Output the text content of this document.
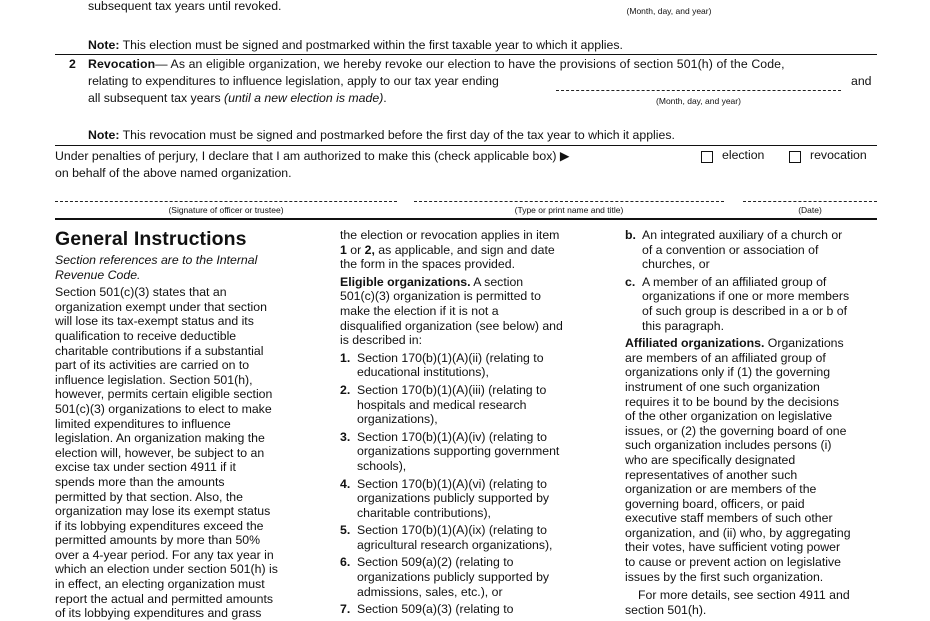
subsequent tax years until revoked.	(Month, day, and year)
Note: This election must be signed and postmarked within the first taxable year to which it applies.
2 Revocation— As an eligible organization, we hereby revoke our election to have the provisions of section 501(h) of the Code,
relating to expenditures to influence legislation, apply to our tax year ending	and
all subsequent tax years (until a new election is made).	(Month, day, and year)
Note: This revocation must be signed and postmarked before the first day of the tax year to which it applies.
Under penalties of perjury, I declare that I am authorized to make this (check applicable box) ▶
on behalf of the above named organization.
election	revocation
(Signature of officer or trustee)	(Type or print name and title)	(Date)
General Instructions

Section references are to the Internal Revenue Code.

Section 501(c)(3) states that an

organization exempt under that section

will lose its tax-exempt status and its

qualification to receive deductible

charitable contributions if a substantial

part of its activities are carried on to

influence legislation. Section 501(h),

however, permits certain eligible section

501(c)(3) organizations to elect to make

limited expenditures to influence

legislation. An organization making the

election will, however, be subject to an

excise tax under section 4911 if it

spends more than the amounts

permitted by that section. Also, the

organization may lose its exempt status

if its lobbying expenditures exceed the

permitted amounts by more than 50%

over a 4-year period. For any tax year in

which an election under section 501(h) is

in effect, an electing organization must

report the actual and permitted amounts

of its lobbying expenditures and grass

the election or revocation applies in item

1 or 2, as applicable, and sign and date

the form in the spaces provided.

Eligible organizations. A section

501(c)(3) organization is permitted to

make the election if it is not a

disqualified organization (see below) and

is described in:

1. Section 170(b)(1)(A)(ii) (relating to

educational institutions),

2. Section 170(b)(1)(A)(iii) (relating to

hospitals and medical research

organizations),

3. Section 170(b)(1)(A)(iv) (relating to

organizations supporting government

schools),

4. Section 170(b)(1)(A)(vi) (relating to

organizations publicly supported by

charitable contributions),

5. Section 170(b)(1)(A)(ix) (relating to

agricultural research organizations),

6. Section 509(a)(2) (relating to

organizations publicly supported by

admissions, sales, etc.), or

7. Section 509(a)(3) (relating to

b. An integrated auxiliary of a church or

of a convention or association of

churches, or

c. A member of an affiliated group of

organizations if one or more members

of such group is described in a or b of

this paragraph.

Affiliated organizations. Organizations

are members of an affiliated group of

organizations only if (1) the governing

instrument of one such organization

requires it to be bound by the decisions

of the other organization on legislative

issues, or (2) the governing board of one

such organization includes persons (i)

who are specifically designated

representatives of another such

organization or are members of the

governing board, officers, or paid

executive staff members of such other

organization, and (ii) who, by aggregating

their votes, have sufficient voting power

to cause or prevent action on legislative

issues by the first such organization.

For more details, see section 4911 and

section 501(h).
